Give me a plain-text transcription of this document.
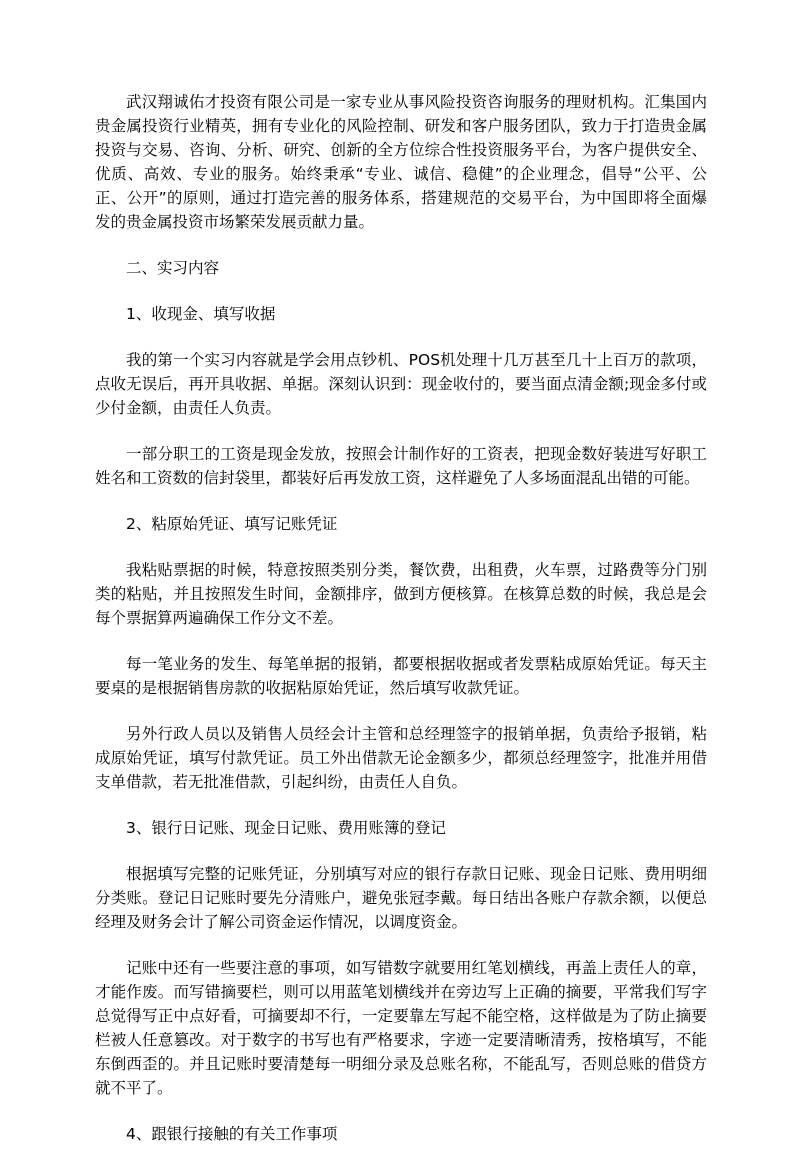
武汉翔诚佑才投资有限公司是一家专业从事风险投资咨询服务的理财机构。汇集国内贵金属投资行业精英，拥有专业化的风险控制、研发和客户服务团队，致力于打造贵金属投资与交易、咨询、分析、研究、创新的全方位综合性投资服务平台，为客户提供安全、优质、高效、专业的服务。始终秉承“专业、诚信、稳健”的企业理念，倡导“公平、公正、公开”的原则，通过打造完善的服务体系，搭建规范的交易平台，为中国即将全面爆发的贵金属投资市场繁荣发展贡献力量。

二、实习内容

1、收现金、填写收据

我的第一个实习内容就是学会用点钞机、POS机处理十几万甚至几十上百万的款项，点收无误后，再开具收据、单据。深刻认识到：现金收付的，要当面点清金额;现金多付或少付金额，由责任人负责。

一部分职工的工资是现金发放，按照会计制作好的工资表，把现金数好装进写好职工姓名和工资数的信封袋里，都装好后再发放工资，这样避免了人多场面混乱出错的可能。

2、粘原始凭证、填写记账凭证

我粘贴票据的时候，特意按照类别分类，餐饮费，出租费，火车票，过路费等分门别类的粘贴，并且按照发生时间，金额排序，做到方便核算。在核算总数的时候，我总是会每个票据算两遍确保工作分文不差。

每一笔业务的发生、每笔单据的报销，都要根据收据或者发票粘成原始凭证。每天主要桌的是根据销售房款的收据粘原始凭证，然后填写收款凭证。

另外行政人员以及销售人员经会计主管和总经理签字的报销单据，负责给予报销，粘成原始凭证，填写付款凭证。员工外出借款无论金额多少，都须总经理签字，批准并用借支单借款，若无批准借款，引起纠纷，由责任人自负。

3、银行日记账、现金日记账、费用账簿的登记

根据填写完整的记账凭证，分别填写对应的银行存款日记账、现金日记账、费用明细分类账。登记日记账时要先分清账户，避免张冠李戴。每日结出各账户存款余额，以便总经理及财务会计了解公司资金运作情况，以调度资金。

记账中还有一些要注意的事项，如写错数字就要用红笔划横线，再盖上责任人的章，才能作废。而写错摘要栏，则可以用蓝笔划横线并在旁边写上正确的摘要，平常我们写字总觉得写正中点好看，可摘要却不行，一定要靠左写起不能空格，这样做是为了防止摘要栏被人任意篡改。对于数字的书写也有严格要求，字迹一定要清晰清秀，按格填写，不能东倒西歪的。并且记账时要清楚每一明细分录及总账名称，不能乱写，否则总账的借贷方就不平了。

4、跟银行接触的有关工作事项
